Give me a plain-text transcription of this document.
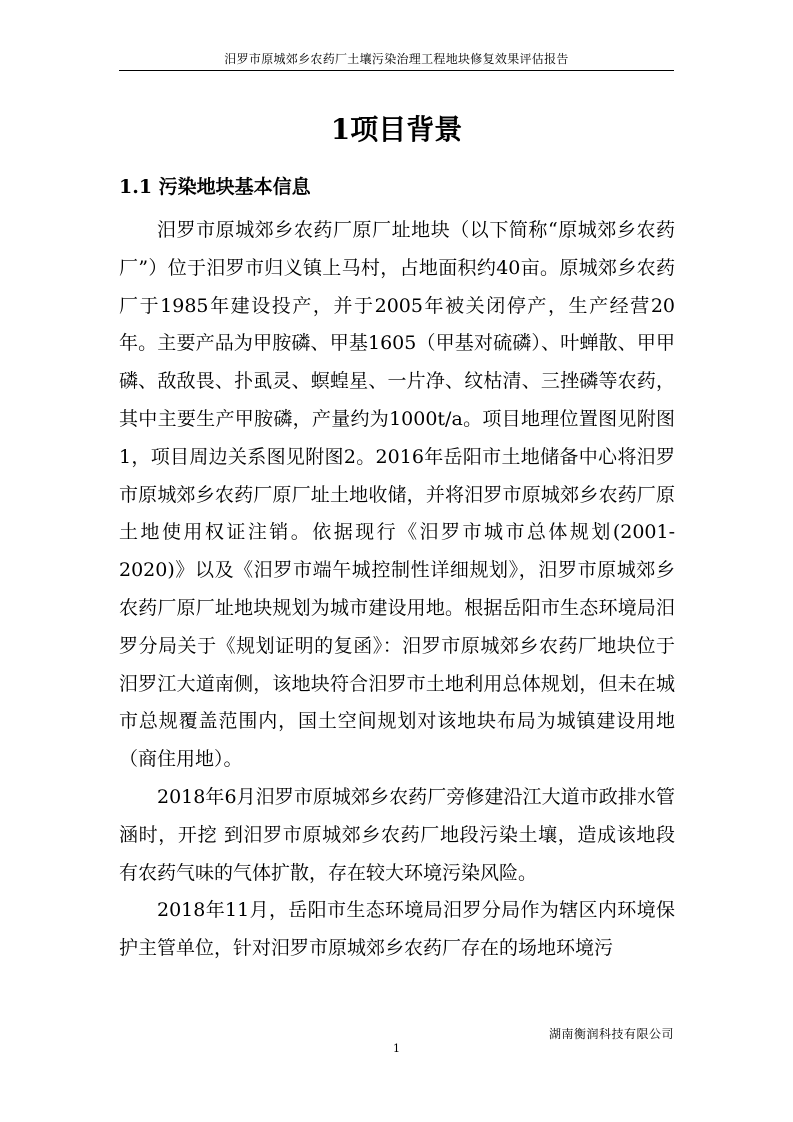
汨罗市原城郊乡农药厂土壤污染治理工程地块修复效果评估报告
1项目背景
1.1 污染地块基本信息

汨罗市原城郊乡农药厂原厂址地块（以下简称“原城郊乡农药厂”）位于汨罗市归义镇上马村，占地面积约40亩。原城郊乡农药厂于1985年建设投产，并于2005年被关闭停产，生产经营20年。主要产品为甲胺磷、甲基1605（甲基对硫磷）、叶蝉散、甲甲磷、敌敌畏、扑虱灵、螟蝗星、一片净、纹枯清、三挫磷等农药，其中主要生产甲胺磷，产量约为1000t/a。项目地理位置图见附图1，项目周边关系图见附图2。2016年岳阳市土地储备中心将汨罗市原城郊乡农药厂原厂址土地收储，并将汨罗市原城郊乡农药厂原土地使用权证注销。依据现行《汨罗市城市总体规划(2001-2020)》以及《汨罗市端午城控制性详细规划》，汨罗市原城郊乡农药厂原厂址地块规划为城市建设用地。根据岳阳市生态环境局汨罗分局关于《规划证明的复函》：汨罗市原城郊乡农药厂地块位于汨罗江大道南侧，该地块符合汨罗市土地利用总体规划，但未在城市总规覆盖范围内，国土空间规划对该地块布局为城镇建设用地（商住用地）。

2018年6月汨罗市原城郊乡农药厂旁修建沿江大道市政排水管涵时，开挖 到汨罗市原城郊乡农药厂地段污染土壤，造成该地段有农药气味的气体扩散，存在较大环境污染风险。

2018年11月，岳阳市生态环境局汨罗分局作为辖区内环境保护主管单位，针对汨罗市原城郊乡农药厂存在的场地环境污

湖南衡润科技有限公司
1
